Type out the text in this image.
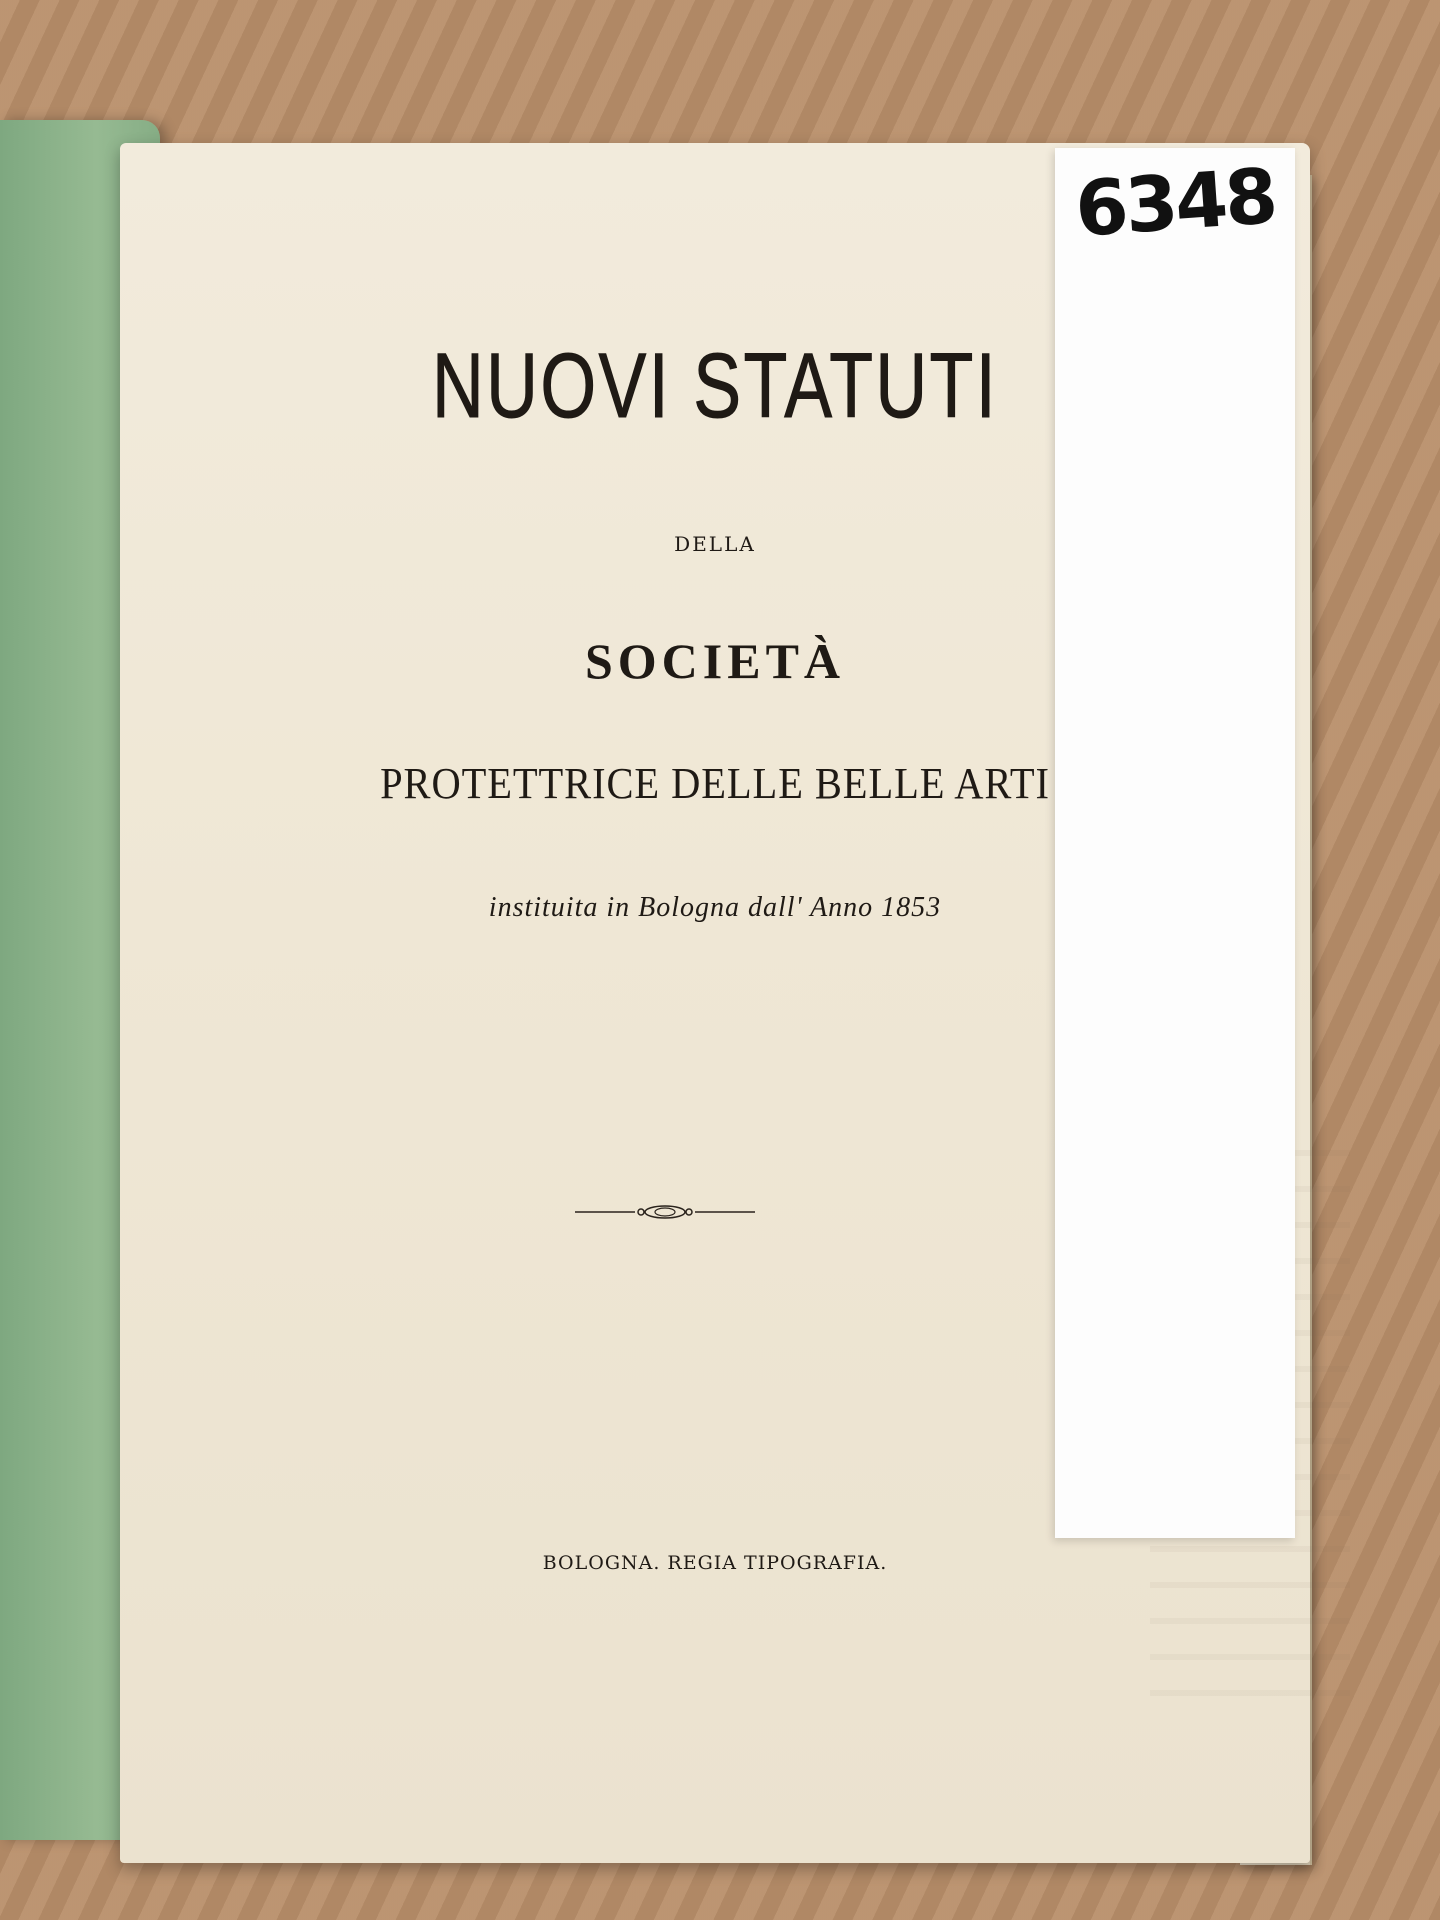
NUOVI STATUTI
DELLA
SOCIETÀ
PROTETTRICE DELLE BELLE ARTI
instituita in Bologna dall' Anno 1853
BOLOGNA. REGIA TIPOGRAFIA.
6348
